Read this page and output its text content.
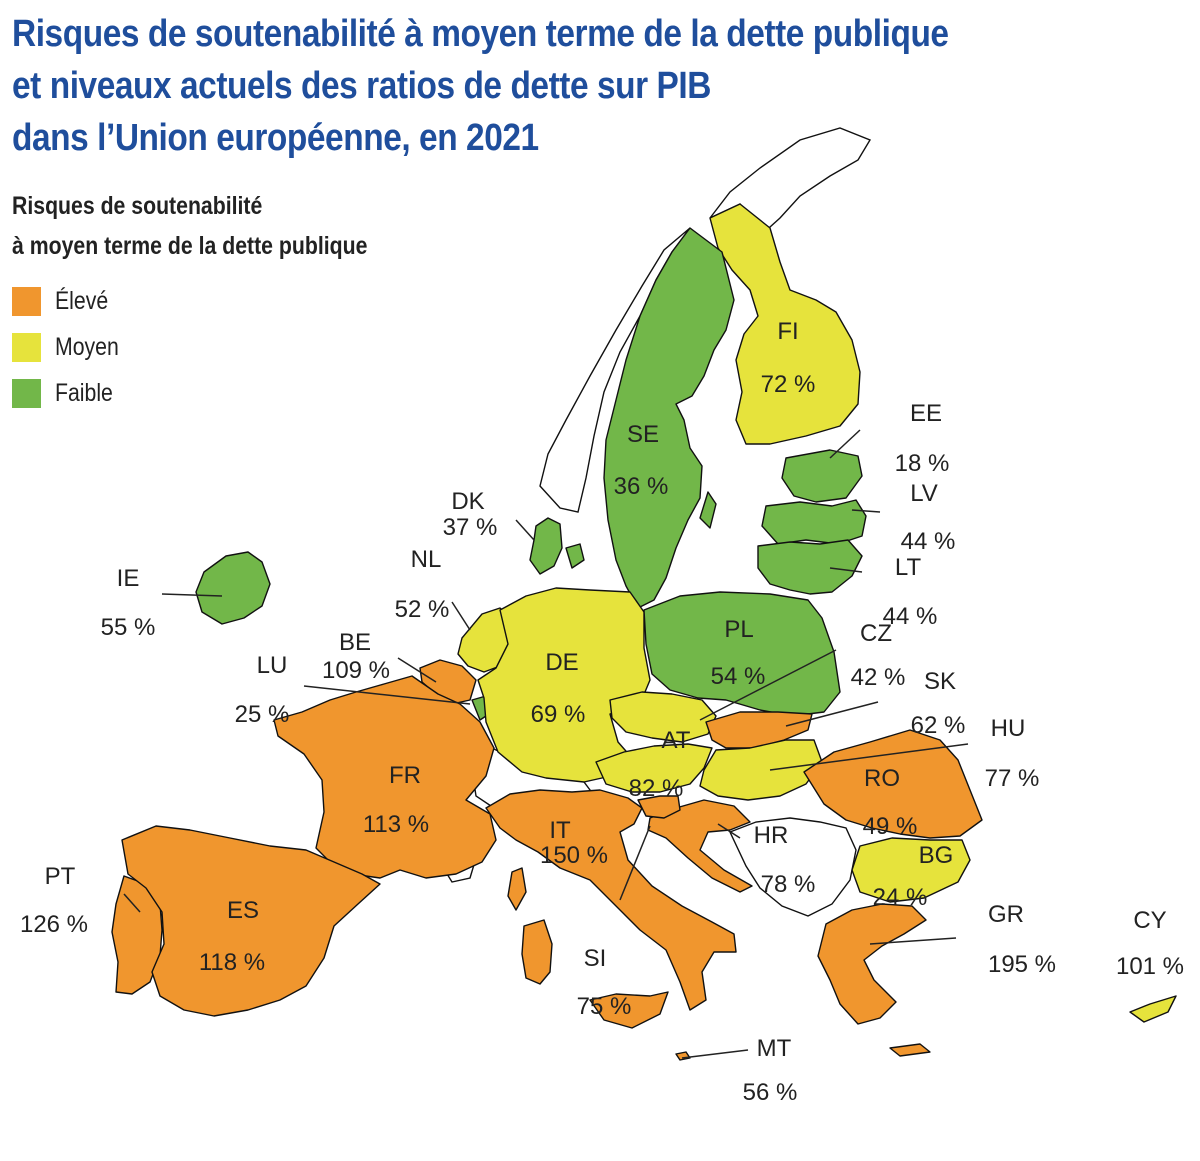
Risques de soutenabilité à moyen terme de la dette publique
et niveaux actuels des ratios de dette sur PIB
dans l’Union européenne, en 2021
Risques de soutenabilité
à moyen terme de la dette publique
Élevé
Moyen
Faible
FI
72 %
SE
36 %
EE
18 %
LV
44 %
LT
44 %
DK
37 %
IE
55 %
NL
52 %
BE
109 %
LU
25 %
DE
69 %
PL
54 %
CZ
42 % SK
62 % HU
77 %
AT
82 %	RO
49 %
FR
113 %	IT
150 %
HR
78 %
BG
24 %
PT
126 %
ES
118 %	SI
75 %
GR
195 %
CY
101 %
MT
56 %
